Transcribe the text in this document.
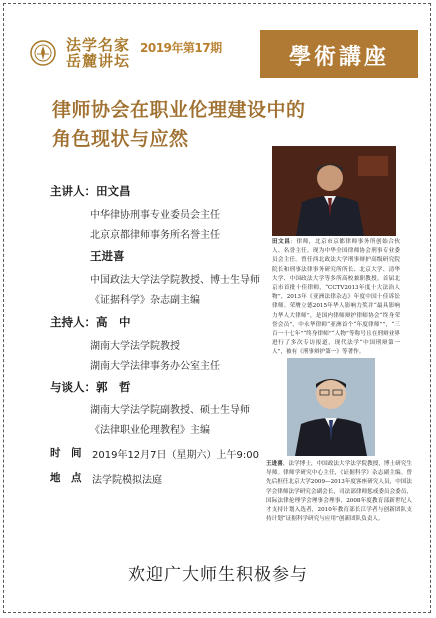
法学名家
岳麓讲坛
2019年第17期	學術講座
律师协会在职业伦理建设中的
角色现状与应然
主讲人：田文昌
中华律协刑事专业委员会主任
北京京都律师事务所名誉主任
王进喜
中国政法大学法学院教授、博士生导师
《证据科学》杂志副主编
主持人：高　中
湖南大学法学院教授
湖南大学法律事务办公室主任
与谈人：郭　哲
湖南大学法学院副教授、硕士生导师
《法律职业伦理教程》主编
时　间 2019年12月7日（星期六）上午9:00
地　点 法学院模拟法庭
田文昌：律师，北京市京都律师事务所创始合伙人、名誉主任。现为中华全国律师协会刑事专业委员会主任。曾任西北政法大学刑事辩护高级研究院院长和刑事法律事务研究所所长、北京大学、清华大学、中国政法大学等多所高校兼职教授。首届北京市首批十佳律师，“CCTV2013年度十大法治人物”，2013年《亚洲法律杂志》年度中国十佳诉讼律师。荣膺立德2015年华人影响力奖并“最具影响力华人大律师”，是国内律师辩护律师协会“终身荣誉会员”，中永华律师“亚洲首个“年度律师””，“三百一十七年”“终身律师”“人物”等称号且在刑辩业界进行了多次专访报道，现代法学“中国刑辩第一人”，被有《刑事辩护第一》等著作。
王进喜，法学博士，中国政法大学法学院教授，博士研究生导师。律师学研究中心主任，《证据科学》杂志副主编。曾先后担任北京大学2009—2013年度客座研究人员，中国法学会律师法学研究会副会长，司法部律师惩戒委员会委员，国际法律伦理学会理事会理事，2008年度教育部新世纪人才支持计划入选者，2010年教育部长江学者与创新团队支持计划“证据科学研究与应用”创新团队负责人。
欢迎广大师生积极参与
